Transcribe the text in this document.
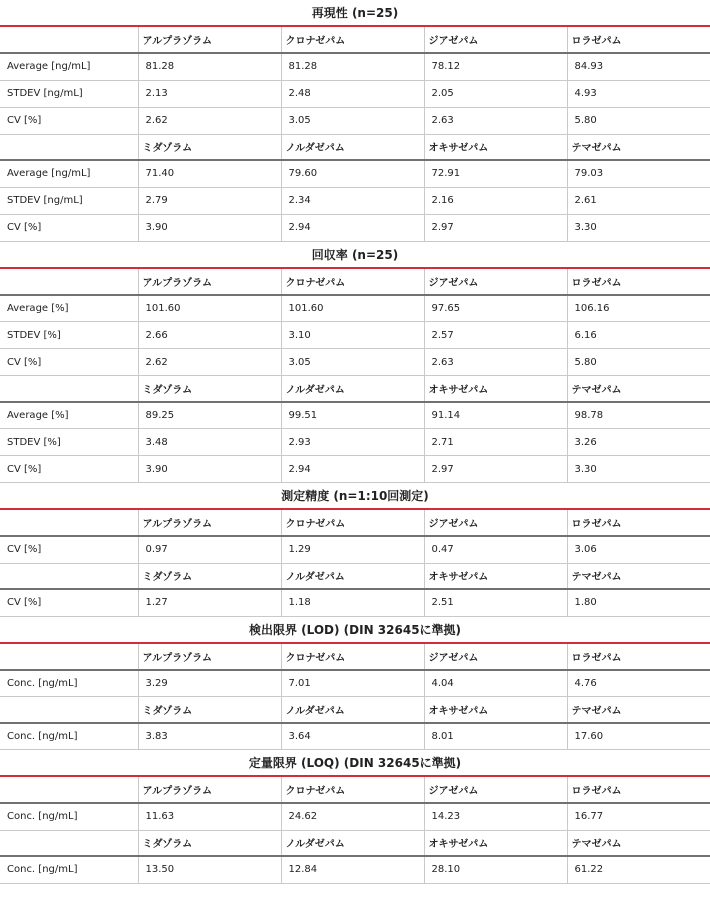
再現性 (n=25)
	アルプラゾラム	クロナゼパム	ジアゼパム	ロラゼパム
Average [ng/mL]	81.28	81.28	78.12	84.93
STDEV [ng/mL]	2.13	2.48	2.05	4.93
CV [%]	2.62	3.05	2.63	5.80
	ミダゾラム	ノルダゼパム	オキサゼパム	テマゼパム
Average [ng/mL]	71.40	79.60	72.91	79.03
STDEV [ng/mL]	2.79	2.34	2.16	2.61
CV [%]	3.90	2.94	2.97	3.30
回収率 (n=25)
	アルプラゾラム	クロナゼパム	ジアゼパム	ロラゼパム
Average [%]	101.60	101.60	97.65	106.16
STDEV [%]	2.66	3.10	2.57	6.16
CV [%]	2.62	3.05	2.63	5.80
	ミダゾラム	ノルダゼパム	オキサゼパム	テマゼパム
Average [%]	89.25	99.51	91.14	98.78
STDEV [%]	3.48	2.93	2.71	3.26
CV [%]	3.90	2.94	2.97	3.30
測定精度 (n=1:10回測定)
	アルプラゾラム	クロナゼパム	ジアゼパム	ロラゼパム
CV [%]	0.97	1.29	0.47	3.06
	ミダゾラム	ノルダゼパム	オキサゼパム	テマゼパム
CV [%]	1.27	1.18	2.51	1.80
検出限界 (LOD) (DIN 32645に準拠)
	アルプラゾラム	クロナゼパム	ジアゼパム	ロラゼパム
Conc. [ng/mL]	3.29	7.01	4.04	4.76
	ミダゾラム	ノルダゼパム	オキサゼパム	テマゼパム
Conc. [ng/mL]	3.83	3.64	8.01	17.60
定量限界 (LOQ) (DIN 32645に準拠)
	アルプラゾラム	クロナゼパム	ジアゼパム	ロラゼパム
Conc. [ng/mL]	11.63	24.62	14.23	16.77
	ミダゾラム	ノルダゼパム	オキサゼパム	テマゼパム
Conc. [ng/mL]	13.50	12.84	28.10	61.22
